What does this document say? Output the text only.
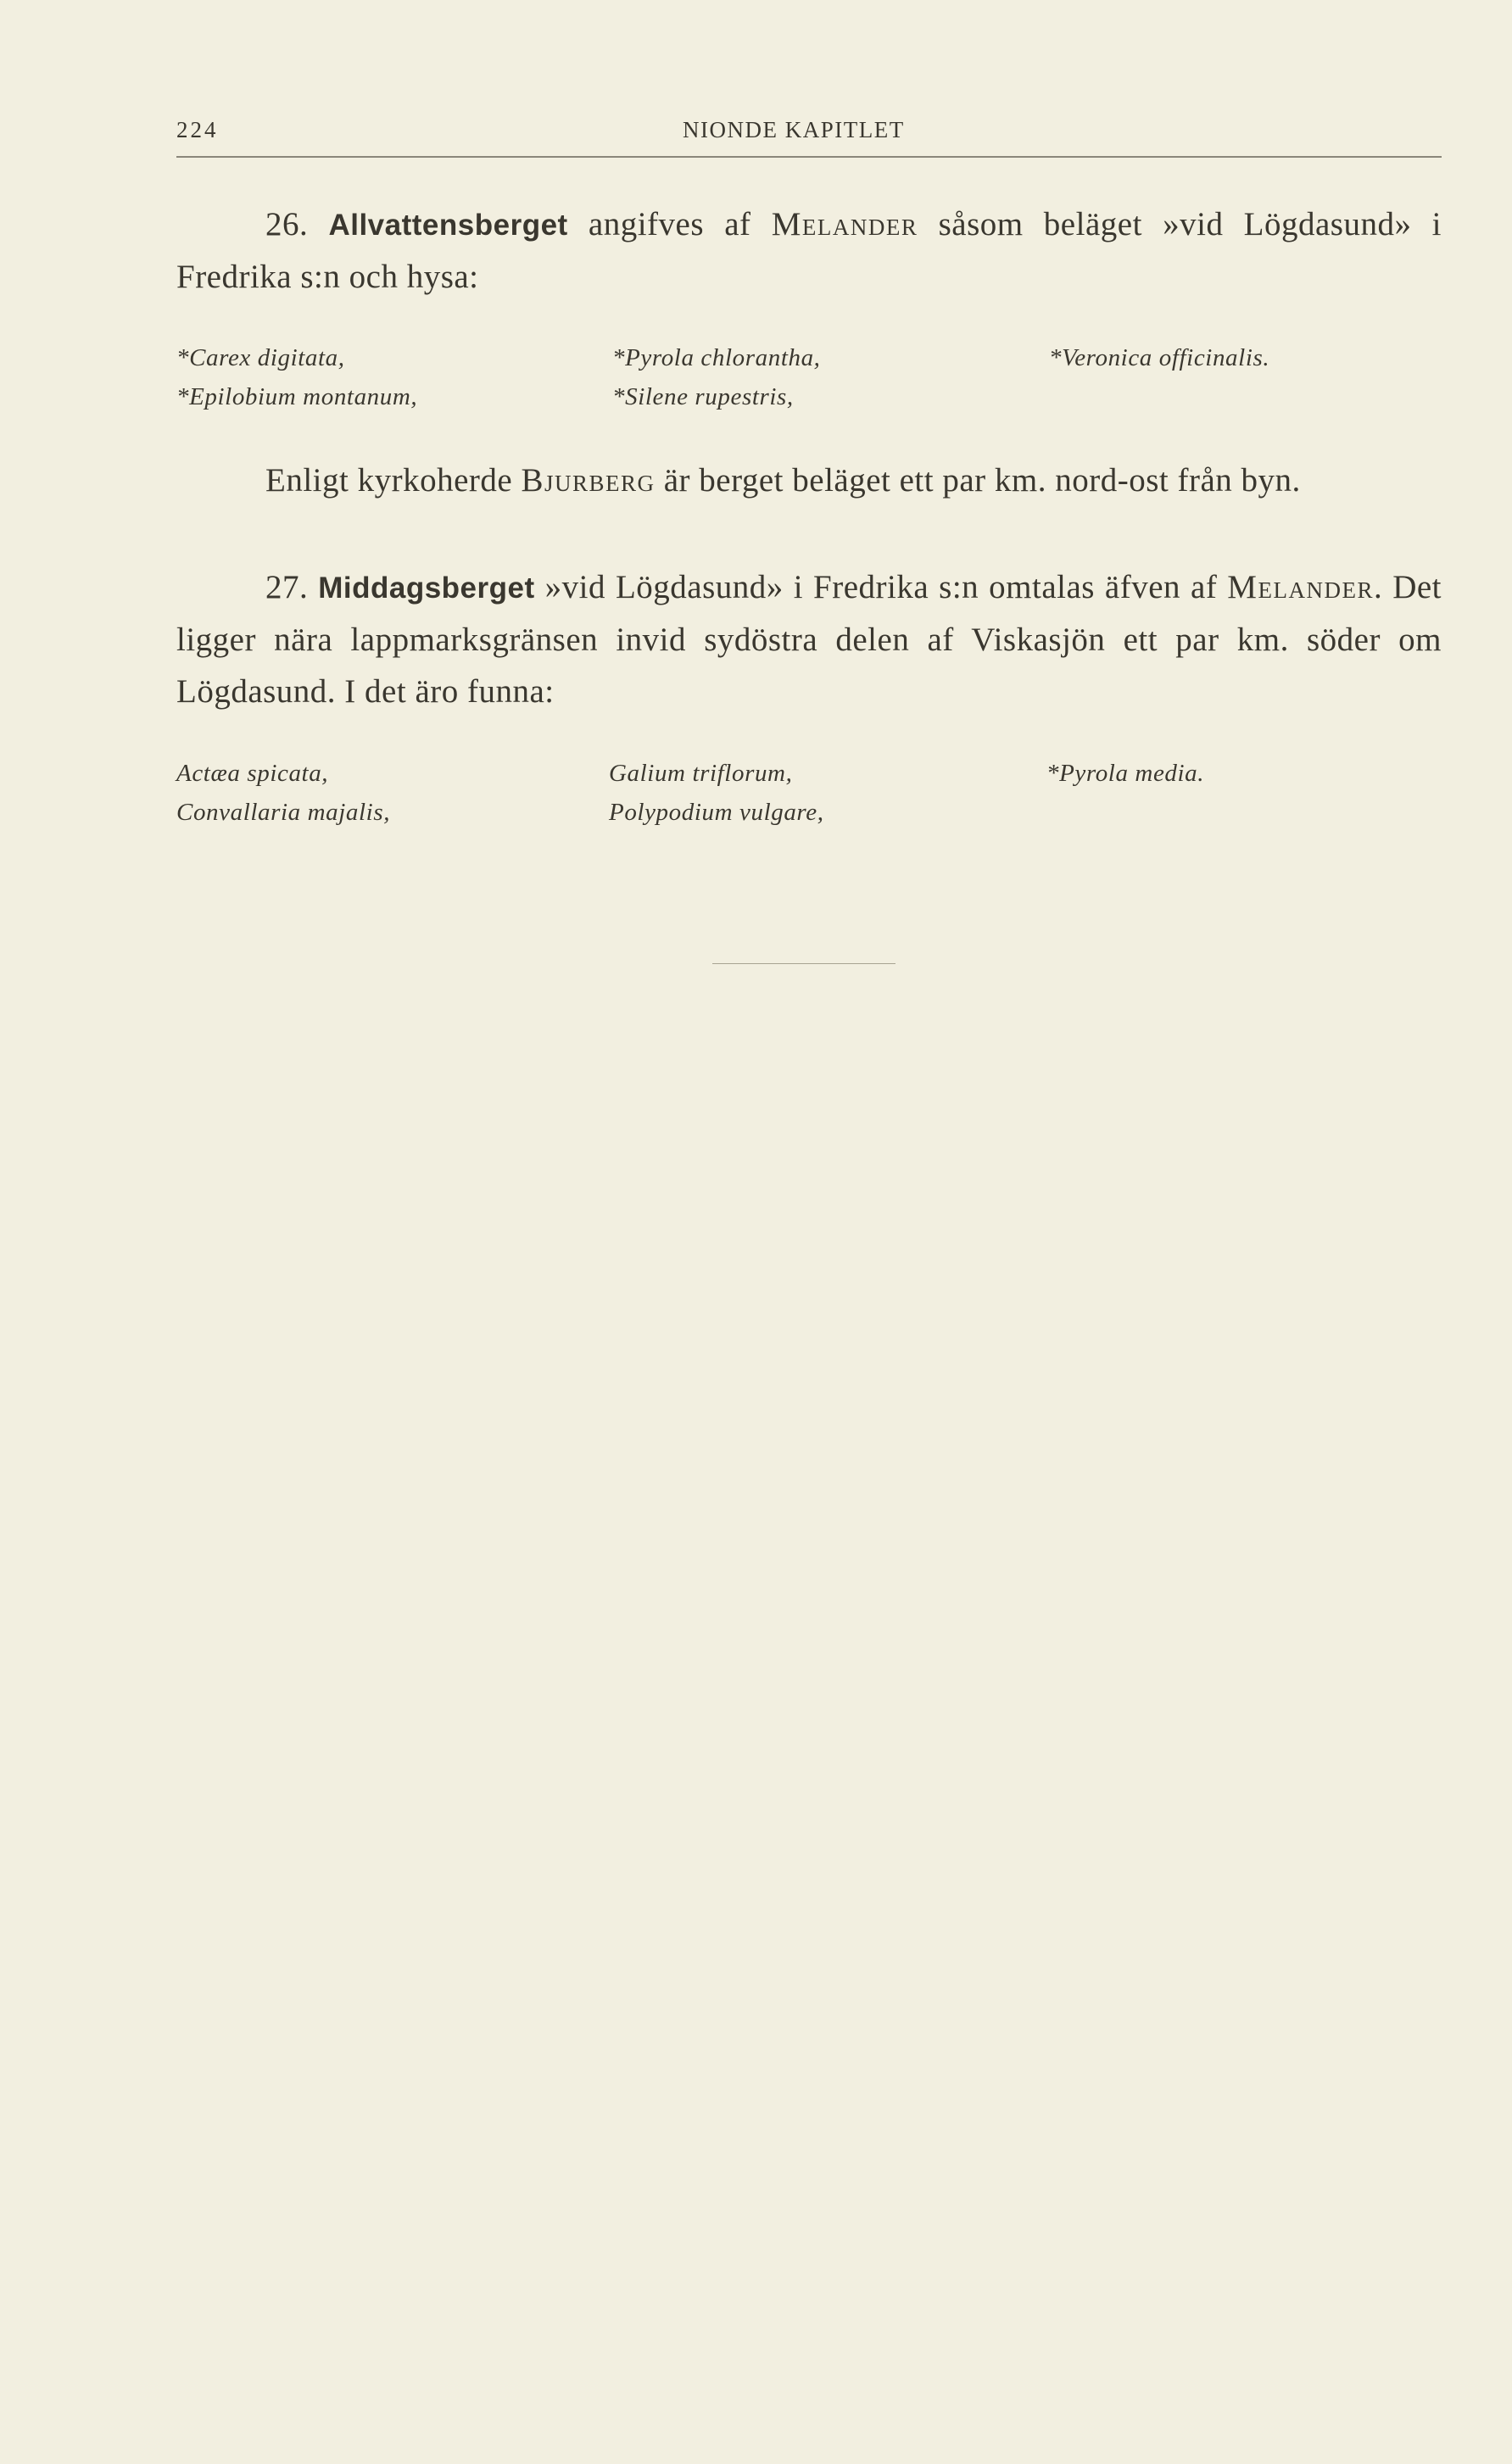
224	NIONDE KAPITLET
26. Allvattensberget angifves af Melander såsom beläget »vid Lögdasund» i Fredrika s:n och hysa:
*Carex digitata,	*Pyrola chlorantha,	*Veronica officinalis.
*Epilobium montanum,	*Silene rupestris,
Enligt kyrkoherde Bjurberg är berget beläget ett par km. nord-ost från byn.
27. Middagsberget »vid Lögdasund» i Fredrika s:n omtalas äfven af Melander. Det ligger nära lappmarksgränsen invid sydöstra delen af Viskasjön ett par km. söder om Lögdasund. I det äro funna:
Actæa spicata,	Galium triflorum,	*Pyrola media.
Convallaria majalis,	Polypodium vulgare,
